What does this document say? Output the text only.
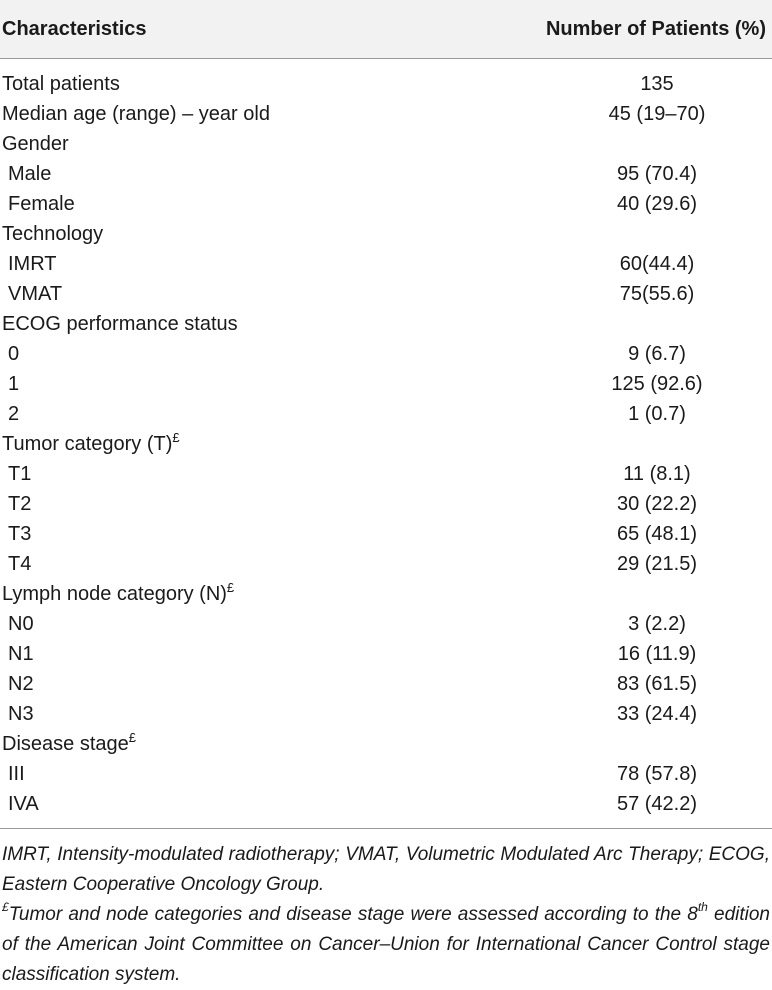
Characteristics	Number of Patients (%)
Total patients	135
Median age (range) – year old	45 (19–70)
Gender
Male	95 (70.4)
Female	40 (29.6)
Technology
IMRT	60(44.4)
VMAT	75(55.6)
ECOG performance status
0	9 (6.7)
1	125 (92.6)
2	1 (0.7)
Tumor category (T)£
T1	11 (8.1)
T2	30 (22.2)
T3	65 (48.1)
T4	29 (21.5)
Lymph node category (N)£
N0	3 (2.2)
N1	16 (11.9)
N2	83 (61.5)
N3	33 (24.4)
Disease stage£
III	78 (57.8)
IVA	57 (42.2)

IMRT, Intensity-modulated radiotherapy; VMAT, Volumetric Modulated Arc Therapy; ECOG, Eastern Cooperative Oncology Group.

£Tumor and node categories and disease stage were assessed according to the 8th edition of the American Joint Committee on Cancer–Union for International Cancer Control stage classification system.
